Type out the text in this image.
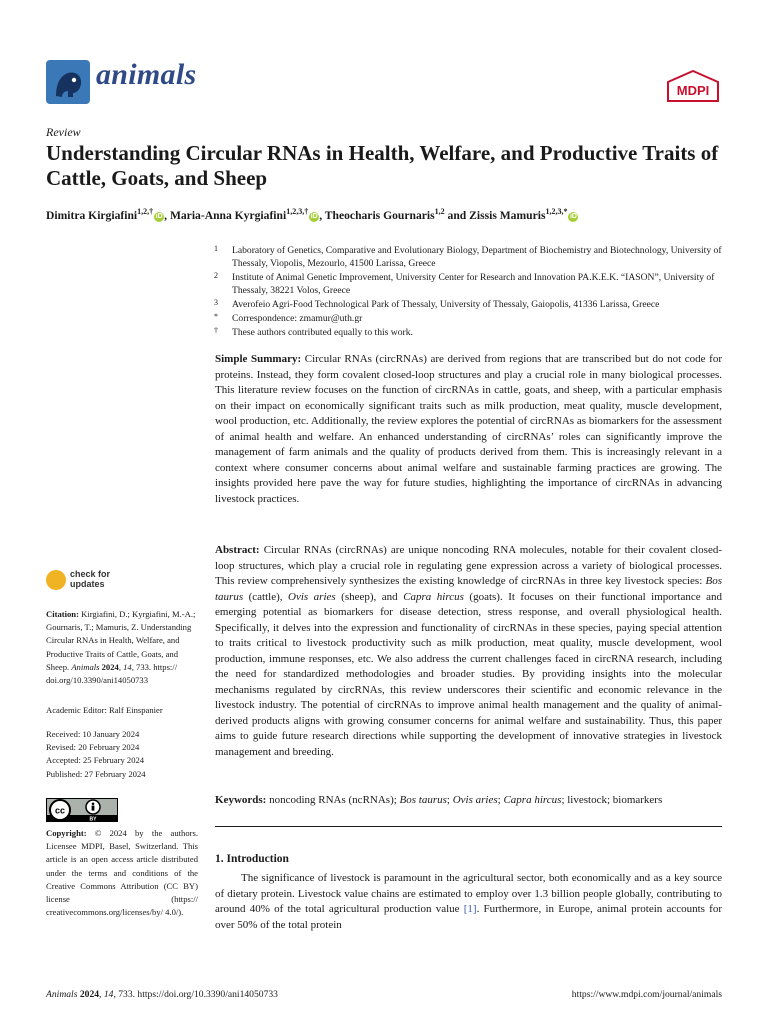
animals	MDPI
Review
Understanding Circular RNAs in Health, Welfare, and Productive Traits of Cattle, Goats, and Sheep
Dimitra Kirgiafini$^{1,2,\dagger}$iD , Maria-Anna Kyrgiafini$^{1,2,3,\dagger}$iD , Theocharis Gournaris$^{1,2}$ and Zissis Mamuris$^{1,2,3,*}$iD
1 Laboratory of Genetics, Comparative and Evolutionary Biology, Department of Biochemistry and Biotechnology, University of Thessaly, Viopolis, Mezourlo, 41500 Larissa, Greece
2 Institute of Animal Genetic Improvement, University Center for Research and Innovation PA.K.E.K. “IASON”, University of Thessaly, 38221 Volos, Greece
3 Averofeio Agri-Food Technological Park of Thessaly, University of Thessaly, Gaiopolis, 41336 Larissa, Greece
* Correspondence: zmamur@uth.gr
† These authors contributed equally to this work.
Simple Summary: Circular RNAs (circRNAs) are derived from regions that are transcribed but do not code for proteins. Instead, they form covalent closed-loop structures and play a crucial role in many biological processes. This literature review focuses on the function of circRNAs in cattle, goats, and sheep, with a particular emphasis on their impact on economically significant traits such as milk production, meat quality, muscle development, wool production, etc. Additionally, the review explores the potential of circRNAs as biomarkers for the assessment of animal health and welfare. An enhanced understanding of circRNAs’ roles can significantly improve the management of farm animals and the quality of products derived from them. This is increasingly relevant in a context where consumer concerns about animal welfare and sustainable farming practices are growing. The insights provided here pave the way for future studies, highlighting the importance of circRNAs in advancing livestock practices.
Abstract: Circular RNAs (circRNAs) are unique noncoding RNA molecules, notable for their covalent closed-loop structures, which play a crucial role in regulating gene expression across a variety of biological processes. This review comprehensively synthesizes the existing knowledge of circRNAs in three key livestock species: Bos taurus (cattle), Ovis aries (sheep), and Capra hircus (goats). It focuses on their functional importance and emerging potential as biomarkers for disease detection, stress response, and overall physiological health. Specifically, it delves into the expression and functionality of circRNAs in these species, paying special attention to traits critical to livestock productivity such as milk production, meat quality, muscle development, wool production, immune responses, etc. We also address the current challenges faced in circRNA research, including the need for standardized methodologies and broader studies. By providing insights into the molecular mechanisms regulated by circRNAs, this review underscores their scientific and economic relevance in the livestock industry. The potential of circRNAs to improve animal health management and the quality of animal-derived products aligns with growing consumer concerns for animal welfare and sustainability. Thus, this paper aims to guide future research directions while supporting the development of innovative strategies in livestock management and breeding.
Keywords: noncoding RNAs (ncRNAs); Bos taurus; Ovis aries; Capra hircus; livestock; biomarkers
1. Introduction
The significance of livestock is paramount in the agricultural sector, both economically and as a key source of dietary protein. Livestock value chains are estimated to employ over 1.3 billion people globally, contributing to around 40% of the total agricultural production value [1]. Furthermore, in Europe, animal protein accounts for over 50% of the total protein
check for
updates
Citation: Kirgiafini, D.; Kyrgiafini, M.-A.; Gournaris, T.; Mamuris, Z. Understanding Circular RNAs in Health, Welfare, and Productive Traits of Cattle, Goats, and Sheep. Animals 2024, 14, 733. https:// doi.org/10.3390/ani14050733
Academic Editor: Ralf Einspanier
Received: 10 January 2024
Revised: 20 February 2024
Accepted: 25 February 2024
Published: 27 February 2024
cc
BY
Copyright: © 2024 by the authors. Licensee MDPI, Basel, Switzerland. This article is an open access article distributed under the terms and conditions of the Creative Commons Attribution (CC BY) license (https:// creativecommons.org/licenses/by/ 4.0/).
Animals 2024, 14, 733. https://doi.org/10.3390/ani14050733	https://www.mdpi.com/journal/animals
